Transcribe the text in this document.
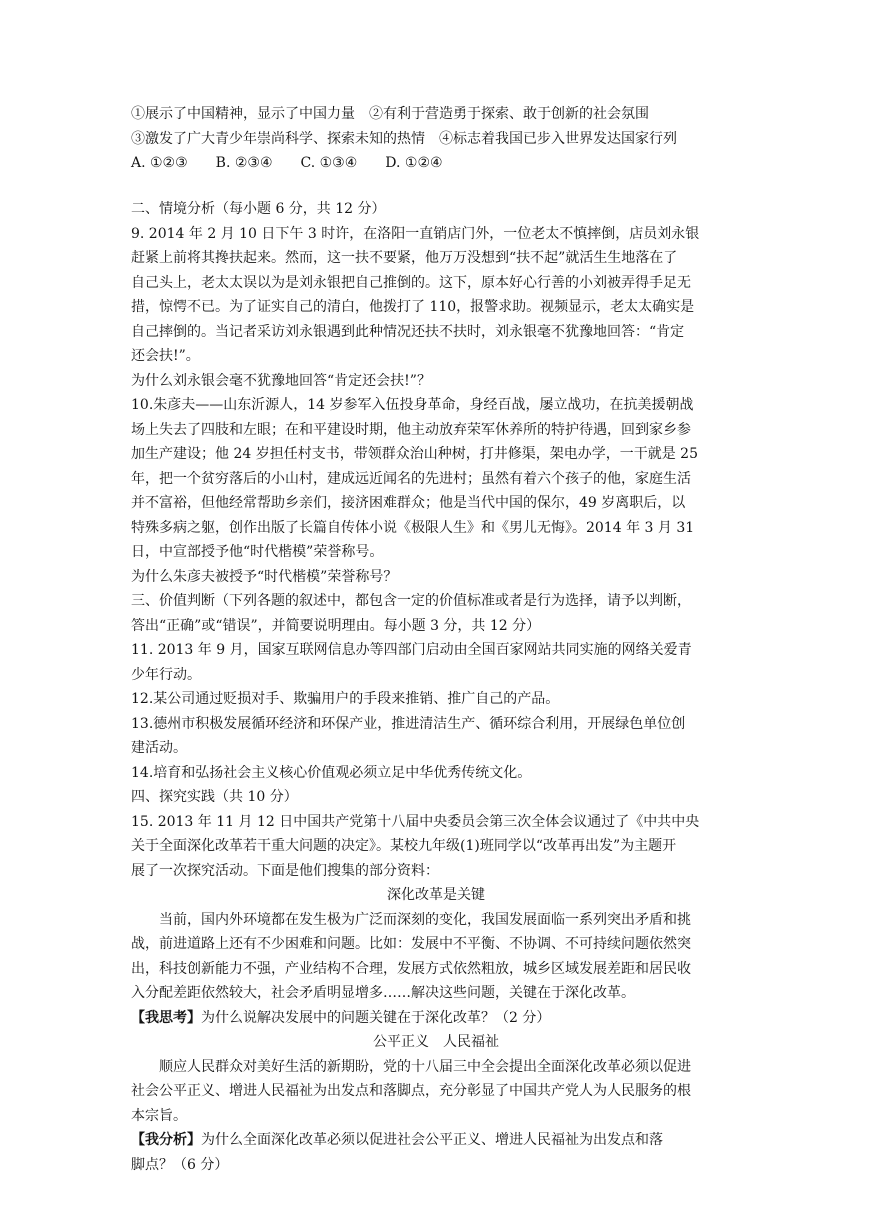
①展示了中国精神，显示了中国力量　②有利于营造勇于探索、敢于创新的社会氛围
③激发了广大青少年崇尚科学、探索未知的热情　④标志着我国已步入世界发达国家行列
A. ①②③　　B. ②③④　　C. ①③④　　D. ①②④
二、情境分析（每小题 6 分，共 12 分）
9. 2014 年 2 月 10 日下午 3 时许，在洛阳一直销店门外，一位老太不慎摔倒，店员刘永银
赶紧上前将其搀扶起来。然而，这一扶不要紧，他万万没想到“扶不起”就活生生地落在了
自己头上，老太太误以为是刘永银把自己推倒的。这下，原本好心行善的小刘被弄得手足无
措，惊愕不已。为了证实自己的清白，他拨打了 110，报警求助。视频显示，老太太确实是
自己摔倒的。当记者采访刘永银遇到此种情况还扶不扶时，刘永银毫不犹豫地回答：“肯定
还会扶!”。
为什么刘永银会毫不犹豫地回答“肯定还会扶!”？
10.朱彦夫——山东沂源人，14 岁参军入伍投身革命，身经百战，屡立战功，在抗美援朝战
场上失去了四肢和左眼；在和平建设时期，他主动放弃荣军休养所的特护待遇，回到家乡参
加生产建设；他 24 岁担任村支书，带领群众治山种树，打井修渠，架电办学，一干就是 25
年，把一个贫穷落后的小山村，建成远近闻名的先进村；虽然有着六个孩子的他，家庭生活
并不富裕，但他经常帮助乡亲们，接济困难群众；他是当代中国的保尔，49 岁离职后，以
特殊多病之躯，创作出版了长篇自传体小说《极限人生》和《男儿无悔》。2014 年 3 月 31
日，中宣部授予他“时代楷模”荣誉称号。
为什么朱彦夫被授予“时代楷模”荣誉称号？
三、价值判断（下列各题的叙述中，都包含一定的价值标准或者是行为选择，请予以判断，
答出“正确”或“错误”，并简要说明理由。每小题 3 分，共 12 分）
11. 2013 年 9 月，国家互联网信息办等四部门启动由全国百家网站共同实施的网络关爱青
少年行动。
12.某公司通过贬损对手、欺骗用户的手段来推销、推广自己的产品。
13.德州市积极发展循环经济和环保产业，推进清洁生产、循环综合利用，开展绿色单位创
建活动。
14.培育和弘扬社会主义核心价值观必须立足中华优秀传统文化。
四、探究实践（共 10 分）
15. 2013 年 11 月 12 日中国共产党第十八届中央委员会第三次全体会议通过了《中共中央
关于全面深化改革若干重大问题的决定》。某校九年级(1)班同学以“改革再出发”为主题开
展了一次探究活动。下面是他们搜集的部分资料：
深化改革是关键
　　当前，国内外环境都在发生极为广泛而深刻的变化，我国发展面临一系列突出矛盾和挑
战，前进道路上还有不少困难和问题。比如：发展中不平衡、不协调、不可持续问题依然突
出，科技创新能力不强，产业结构不合理，发展方式依然粗放，城乡区域发展差距和居民收
入分配差距依然较大，社会矛盾明显增多……解决这些问题，关键在于深化改革。
【我思考】为什么说解决发展中的问题关键在于深化改革？（2 分）
公平正义　人民福祉
　　顺应人民群众对美好生活的新期盼，党的十八届三中全会提出全面深化改革必须以促进
社会公平正义、增进人民福祉为出发点和落脚点，充分彰显了中国共产党人为人民服务的根
本宗旨。
【我分析】为什么全面深化改革必须以促进社会公平正义、增进人民福祉为出发点和落
脚点？（6 分）
